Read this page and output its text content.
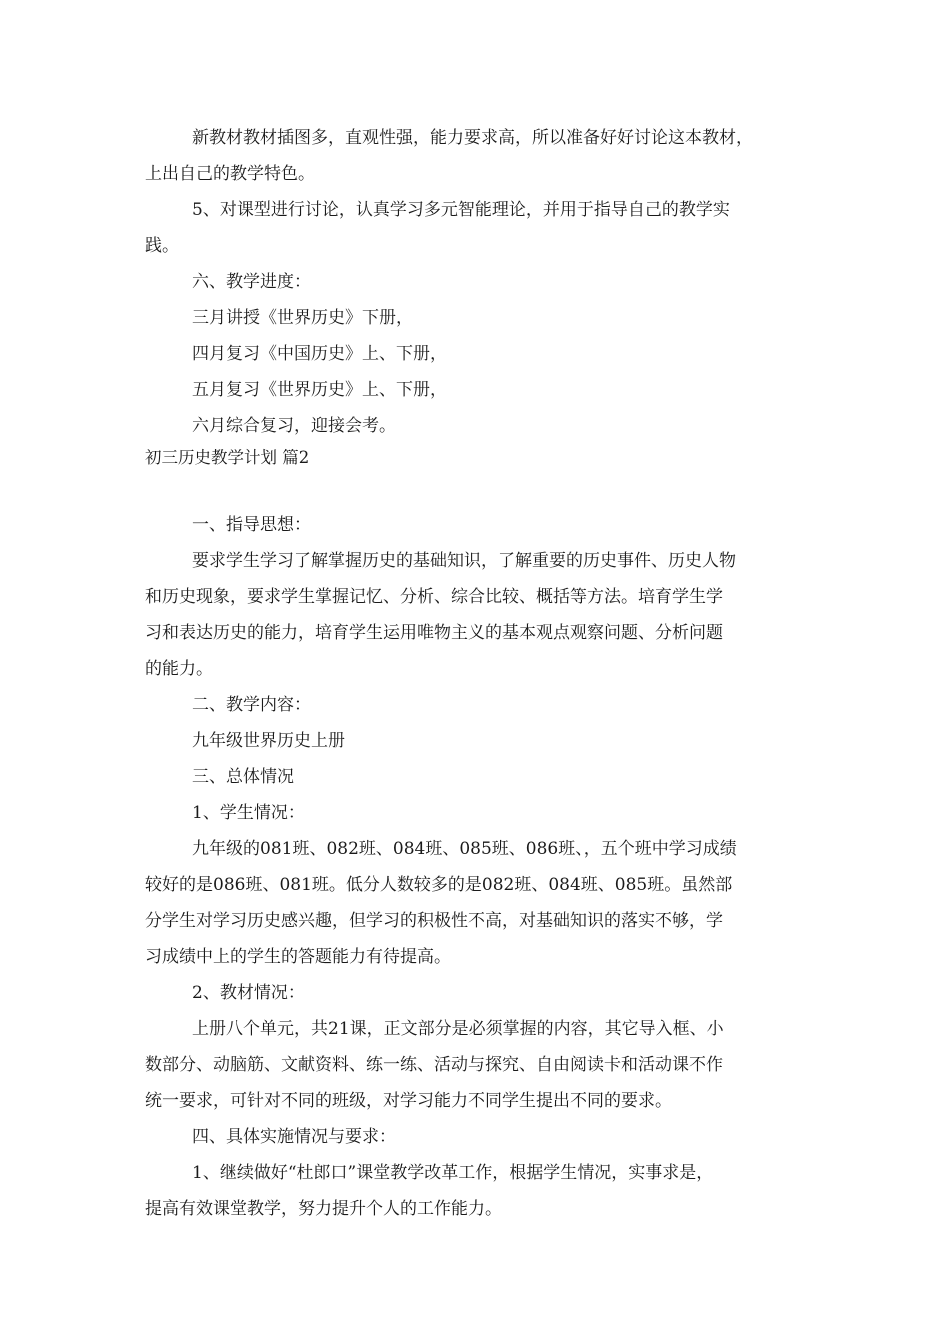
新教材教材插图多，直观性强，能力要求高，所以准备好好讨论这本教材，
上出自己的教学特色。
5、对课型进行讨论，认真学习多元智能理论，并用于指导自己的教学实
践。
六、教学进度：
三月讲授《世界历史》下册，
四月复习《中国历史》上、下册，
五月复习《世界历史》上、下册，
六月综合复习，迎接会考。
初三历史教学计划 篇2
一、指导思想：
要求学生学习了解掌握历史的基础知识，了解重要的历史事件、历史人物
和历史现象，要求学生掌握记忆、分析、综合比较、概括等方法。培育学生学
习和表达历史的能力，培育学生运用唯物主义的基本观点观察问题、分析问题
的能力。
二、教学内容：
九年级世界历史上册
三、总体情况
1、学生情况：
九年级的081班、082班、084班、085班、086班、，五个班中学习成绩
较好的是086班、081班。低分人数较多的是082班、084班、085班。虽然部
分学生对学习历史感兴趣，但学习的积极性不高，对基础知识的落实不够，学
习成绩中上的学生的答题能力有待提高。
2、教材情况：
上册八个单元，共21课，正文部分是必须掌握的内容，其它导入框、小
数部分、动脑筋、文献资料、练一练、活动与探究、自由阅读卡和活动课不作
统一要求，可针对不同的班级，对学习能力不同学生提出不同的要求。
四、具体实施情况与要求：
1、继续做好“杜郎口”课堂教学改革工作，根据学生情况，实事求是，
提高有效课堂教学，努力提升个人的工作能力。
